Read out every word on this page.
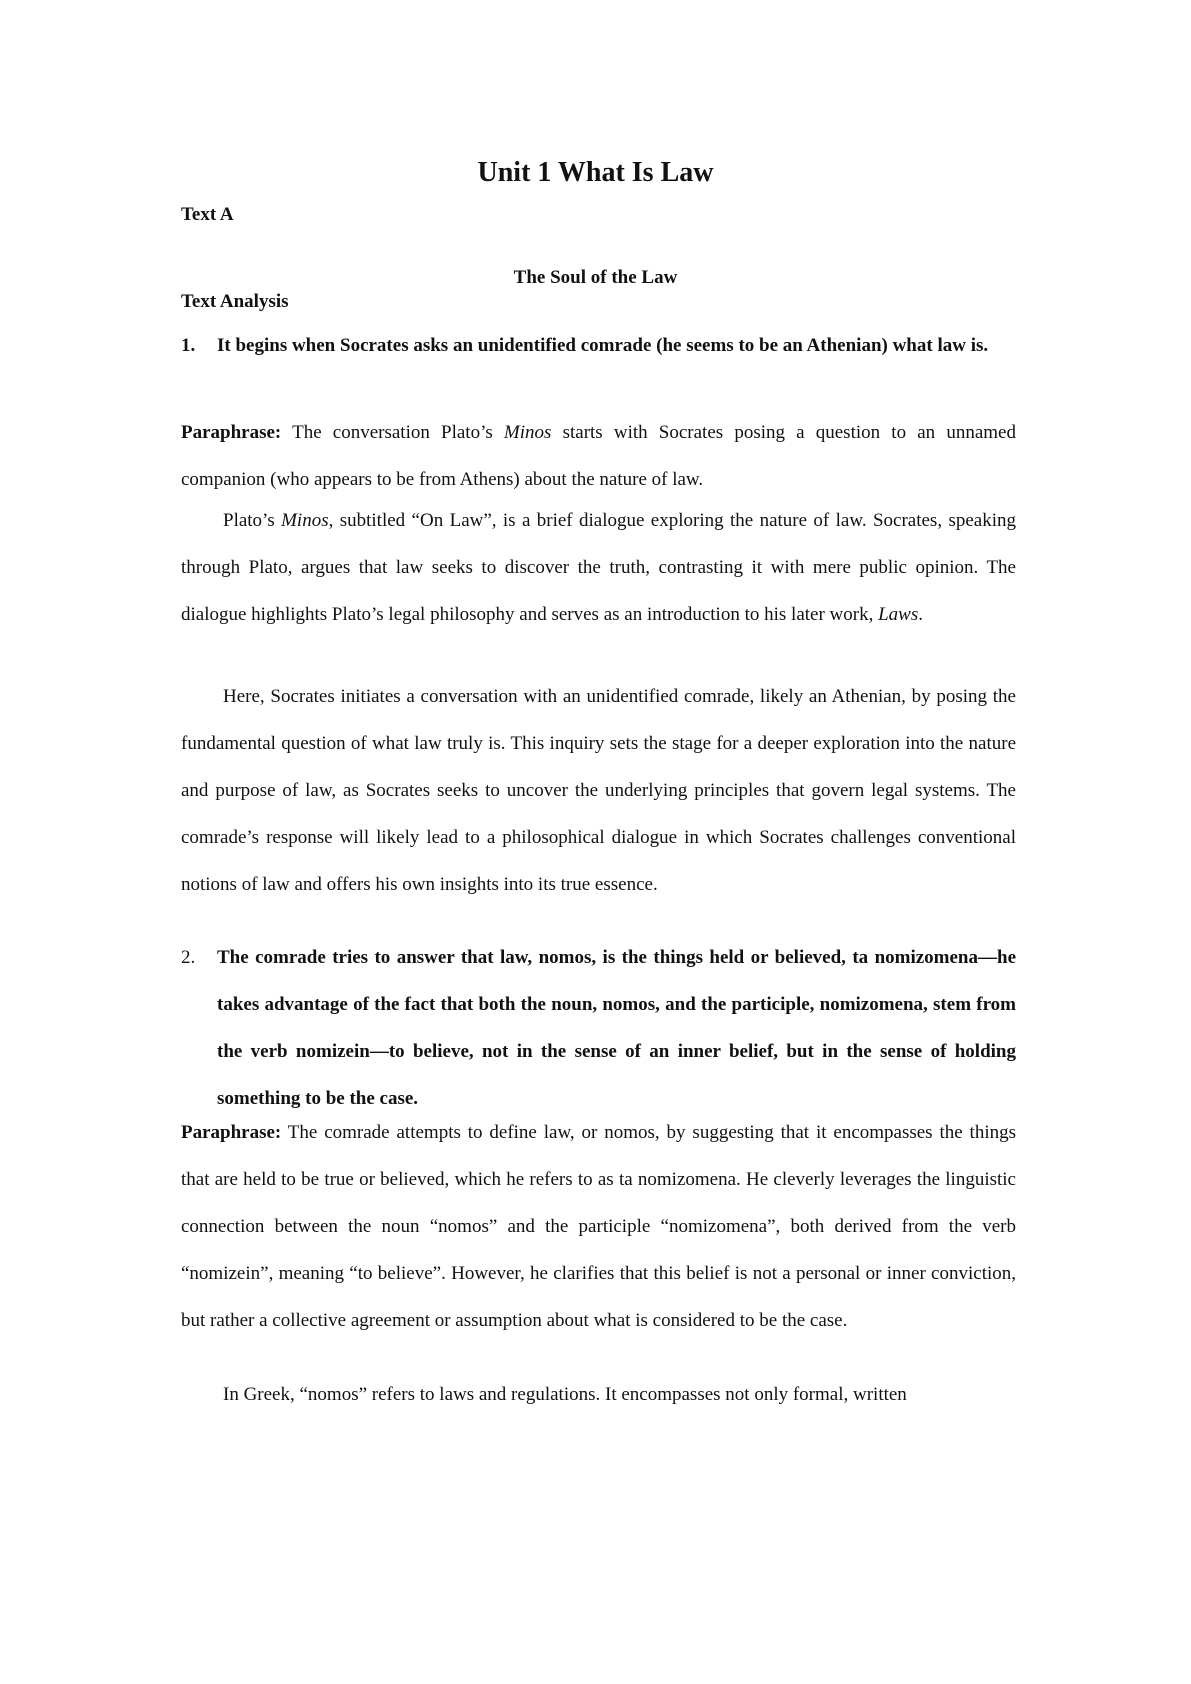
Unit 1 What Is Law
Text A
The Soul of the Law
Text Analysis
1. It begins when Socrates asks an unidentified comrade (he seems to be an Athenian) what law is.

Paraphrase: The conversation Plato’s Minos starts with Socrates posing a question to an unnamed companion (who appears to be from Athens) about the nature of law.

Plato’s Minos, subtitled “On Law”, is a brief dialogue exploring the nature of law. Socrates, speaking through Plato, argues that law seeks to discover the truth, contrasting it with mere public opinion. The dialogue highlights Plato’s legal philosophy and serves as an introduction to his later work, Laws.

Here, Socrates initiates a conversation with an unidentified comrade, likely an Athenian, by posing the fundamental question of what law truly is. This inquiry sets the stage for a deeper exploration into the nature and purpose of law, as Socrates seeks to uncover the underlying principles that govern legal systems. The comrade’s response will likely lead to a philosophical dialogue in which Socrates challenges conventional notions of law and offers his own insights into its true essence.

2. The comrade tries to answer that law, nomos, is the things held or believed, ta nomizomena—he takes advantage of the fact that both the noun, nomos, and the participle, nomizomena, stem from the verb nomizein—to believe, not in the sense of an inner belief, but in the sense of holding something to be the case.

Paraphrase: The comrade attempts to define law, or nomos, by suggesting that it encompasses the things that are held to be true or believed, which he refers to as ta nomizomena. He cleverly leverages the linguistic connection between the noun “nomos” and the participle “nomizomena”, both derived from the verb “nomizein”, meaning “to believe”. However, he clarifies that this belief is not a personal or inner conviction, but rather a collective agreement or assumption about what is considered to be the case.

In Greek, “nomos” refers to laws and regulations. It encompasses not only formal, written
